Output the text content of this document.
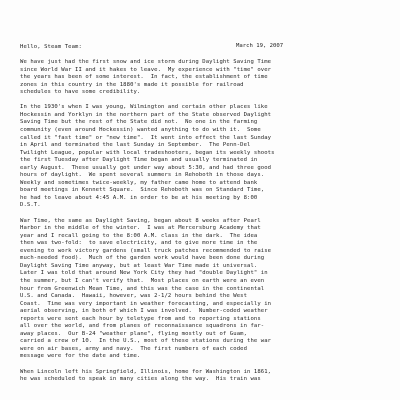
March 19, 2007
Hello, Steam Team:
We have just had the first snow and ice storm during Daylight Saving Time
since World War II and it hakes to leave.  My experience with "time" over
the years has been of some interest.  In fact, the establishment of time
zones in this country in the 1880's made it possible for railroad
schedules to have some credibility.
In the 1930's when I was young, Wilmington and certain other places like
Hockessin and Yorklyn in the northern part of the State observed Daylight
Saving Time but the rest of the State did not.  No one in the farming
community (even around Hockessin) wanted anything to do with it.  Some
called it "fast time" or "new time".  It went into effect the last Sunday
in April and terminated the last Sunday in September.  The Penn-Del
Twilight League, popular with local tradeshooters, began its weekly shoots
the first Tuesday after Daylight Time began and usually terminated in
early August.  These usually got under way about 5:30, and had three good
hours of daylight.  We spent several summers in Rehoboth in those days.
Weekly and sometimes twice-weekly, my father came home to attend bank
board meetings in Kennett Square.  Since Rehoboth was on Standard Time,
he had to leave about 4:45 A.M. in order to be at his meeting by 8:00
D.S.T.
War Time, the same as Daylight Saving, began about 8 weeks after Pearl
Harbor in the middle of the winter.  I was at Mercersburg Academy that
year and I recall going to the 8:00 A.M. class in the dark.  The idea
then was two-fold:  to save electricity, and to give more time in the
evening to work victory gardens (small truck patches recommended to raise
much-needed food).  Much of the garden work would have been done during
Daylight Saving Time anyway, but at least War Time made it universal.
Later I was told that around New York City they had "double Daylight" in
the summer, but I can't verify that.  Most places on earth were an even
hour from Greenwich Mean Time, and this was the case in the continental
U.S. and Canada.  Hawaii, however, was 2-1/2 hours behind the West
Coast.  Time was very important in weather forecasting, and especially in
aerial observing, in both of which I was involved.  Number-coded weather
reports were sent each hour by teletype from and to reporting stations
all over the world, and from planes of reconnaissance squadrons in far-
away places.  Our B-24 "weather plane", flying mostly out of Guam,
carried a crew of 10.  In the U.S., most of these stations during the war
were on air bases, army and navy.  The first numbers of each coded
message were for the date and time.
When Lincoln left his Springfield, Illinois, home for Washington in 1861,
he was scheduled to speak in many cities along the way.  His train was
